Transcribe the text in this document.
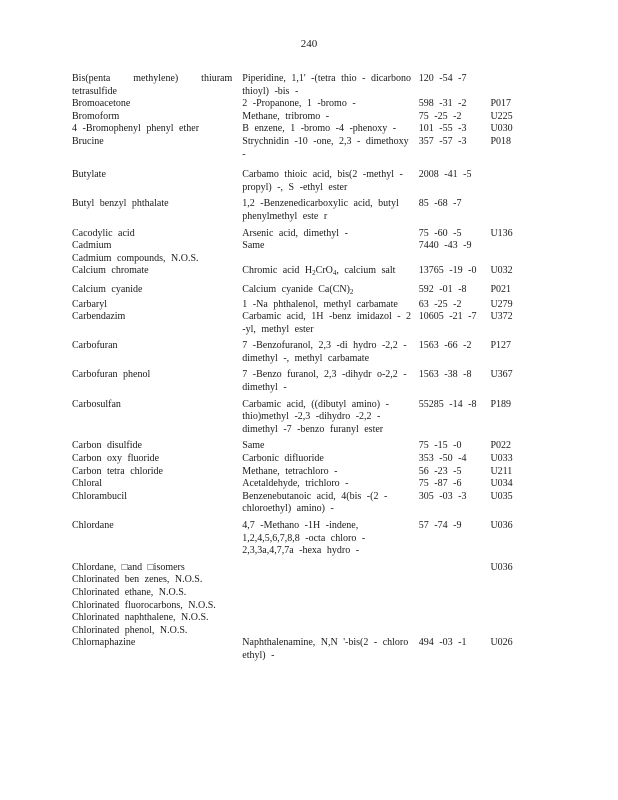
240
Bis(penta methylene) thiuram tetrasulfide	Piperidine, 1,1' -(tetra thio - dicarbono thioyl) -bis -	120 -54 -7	
Bromoacetone	2 -Propanone, 1 -bromo -	598 -31 -2	P017
Bromoform	Methane, tribromo -	75 -25 -2	U225
4 -Bromophenyl phenyl ether	B enzene, 1 -bromo -4 -phenoxy -	101 -55 -3	U030
Brucine	Strychnidin -10 -one, 2,3 - dimethoxy -	357 -57 -3	P018
Butylate	Carbamo thioic acid, bis(2 -methyl - propyl) -, S -ethyl ester	2008 -41 -5	
Butyl benzyl phthalate	1,2 -Benzenedicarboxylic acid, butyl phenylmethyl este r	85 -68 -7	
Cacodylic acid	Arsenic acid, dimethyl -	75 -60 -5	U136
Cadmium	Same	7440 -43 -9	
Cadmium compounds, N.O.S.			
Calcium chromate	Chromic acid $H_2CrO_4$, calcium salt	13765 -19 -0	U032
Calcium cyanide	Calcium cyanide $Ca(CN)_2$	592 -01 -8	P021
Carbaryl	1 -Na phthalenol, methyl carbamate	63 -25 -2	U279
Carbendazim	Carbamic acid, 1H -benz imidazol - 2 -yl, methyl ester	10605 -21 -7	U372
Carbofuran	7 -Benzofuranol, 2,3 -di hydro -2,2 - dimethyl -, methyl carbamate	1563 -66 -2	P127
Carbofuran phenol	7 -Benzo furanol, 2,3 -dihydr o-2,2 - dimethyl -	1563 -38 -8	U367
Carbosulfan	Carbamic acid, ((dibutyl amino) - thio)methyl -2,3 -dihydro -2,2 - dimethyl -7 -benzo furanyl ester	55285 -14 -8	P189
Carbon disulfide	Same	75 -15 -0	P022
Carbon oxy fluoride	Carbonic difluoride	353 -50 -4	U033
Carbon tetra chloride	Methane, tetrachloro -	56 -23 -5	U211
Chloral	Acetaldehyde, trichloro -	75 -87 -6	U034
Chlorambucil	Benzenebutanoic acid, 4(bis -(2 - chloroethyl) amino) -	305 -03 -3	U035
Chlordane	4,7 -Methano -1H -indene, 1,2,4,5,6,7,8,8 -octa chloro - 2,3,3a,4,7,7a -hexa hydro -	57 -74 -9	U036
Chlordane, □and □isomers			U036
Chlorinated ben zenes, N.O.S.			
Chlorinated ethane, N.O.S.			
Chlorinated fluorocarbons, N.O.S.			
Chlorinated naphthalene, N.O.S.			
Chlorinated phenol, N.O.S.			
Chlornaphazine	Naphthalenamine, N,N '-bis(2 - chloro ethyl) -	494 -03 -1	U026
